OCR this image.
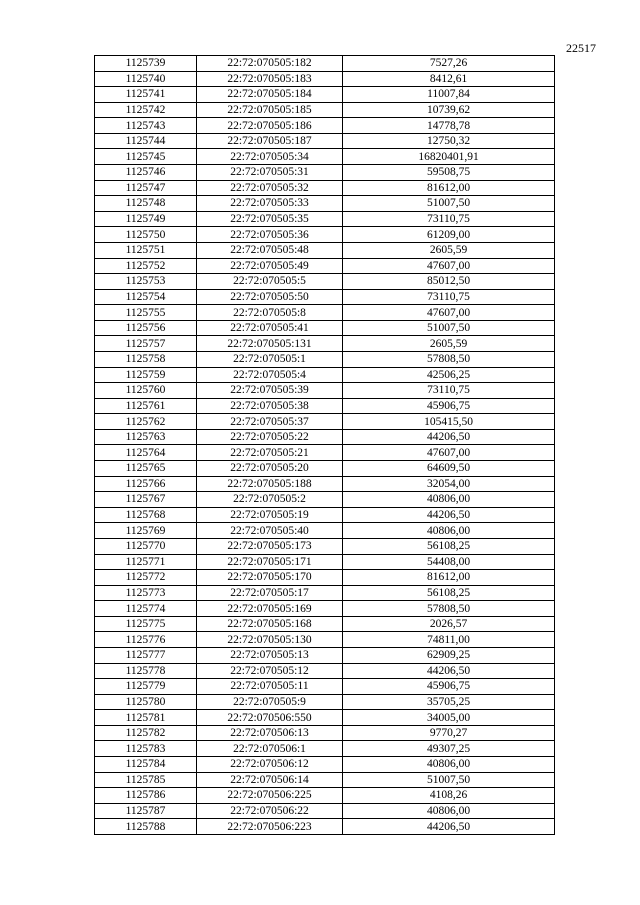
22517
1125739	22:72:070505:182	7527,26
1125740	22:72:070505:183	8412,61
1125741	22:72:070505:184	11007,84
1125742	22:72:070505:185	10739,62
1125743	22:72:070505:186	14778,78
1125744	22:72:070505:187	12750,32
1125745	22:72:070505:34	16820401,91
1125746	22:72:070505:31	59508,75
1125747	22:72:070505:32	81612,00
1125748	22:72:070505:33	51007,50
1125749	22:72:070505:35	73110,75
1125750	22:72:070505:36	61209,00
1125751	22:72:070505:48	2605,59
1125752	22:72:070505:49	47607,00
1125753	22:72:070505:5	85012,50
1125754	22:72:070505:50	73110,75
1125755	22:72:070505:8	47607,00
1125756	22:72:070505:41	51007,50
1125757	22:72:070505:131	2605,59
1125758	22:72:070505:1	57808,50
1125759	22:72:070505:4	42506,25
1125760	22:72:070505:39	73110,75
1125761	22:72:070505:38	45906,75
1125762	22:72:070505:37	105415,50
1125763	22:72:070505:22	44206,50
1125764	22:72:070505:21	47607,00
1125765	22:72:070505:20	64609,50
1125766	22:72:070505:188	32054,00
1125767	22:72:070505:2	40806,00
1125768	22:72:070505:19	44206,50
1125769	22:72:070505:40	40806,00
1125770	22:72:070505:173	56108,25
1125771	22:72:070505:171	54408,00
1125772	22:72:070505:170	81612,00
1125773	22:72:070505:17	56108,25
1125774	22:72:070505:169	57808,50
1125775	22:72:070505:168	2026,57
1125776	22:72:070505:130	74811,00
1125777	22:72:070505:13	62909,25
1125778	22:72:070505:12	44206,50
1125779	22:72:070505:11	45906,75
1125780	22:72:070505:9	35705,25
1125781	22:72:070506:550	34005,00
1125782	22:72:070506:13	9770,27
1125783	22:72:070506:1	49307,25
1125784	22:72:070506:12	40806,00
1125785	22:72:070506:14	51007,50
1125786	22:72:070506:225	4108,26
1125787	22:72:070506:22	40806,00
1125788	22:72:070506:223	44206,50
